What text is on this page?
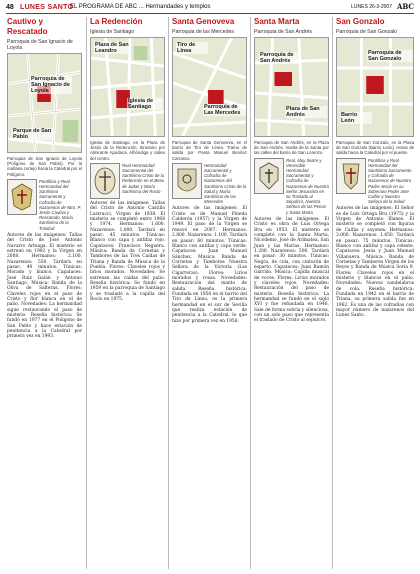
48 LUNES SANTO
EL PROGRAMA DE ABC ... Hermandades y templos	LUNES 26-3-2007 ABC
Cautivo y Rescatado
Parroquia de San Ignacio de Loyola
Parroquia de San Ignacio de Loyola
Parque de San Pablo
Parroquia de San Ignacio de Loyola (Polígono de San Pablo). Por la mañana cortejo hacia la Catedral por el Polígono.
Pontificia y Real Hermandad del Santísimo Sacramento y Cofradía de Nazarenos de Ntro. P. Jesús Cautivo y Rescatado, María Santísima de la Trinidad
Autores de las imágenes: Tallas del Cristo de José Antonio Navarro Arteaga. El misterio se estrenó en 1992 y la Virgen en 2008. Hermanos: 2.100. Nazarenos: 550. Tardará en pasar: 40 minutos. Túnicas: Morado y blanco. Capataces: José Ruiz Galán y Antonio Santiago. Música: Banda de la Oliva de Salteras. Flores: Claveles rojos en el paso de Cristo y flor blanca en el de palio. Novedades: La hermandad sigue restaurando el paso de misterio. Reseña histórica: Se fundó en 1977 en el Polígono de San Pablo y hace estación de penitencia a la Catedral por primera vez en 1993.
La Redención
Iglesia de Santiago
Iglesia de Santiago
Plaza de San Leandro
Iglesia de Santiago, en la Plaza de Jesús de la Redención. Itinerario por Almirante Apodaca, Alhóndiga y calles del centro.
Real Hermandad Sacramental del Santísimo Cristo de la Redención en el Beso de Judas y María Santísima del Rocío
Autores de las imágenes: Tallas del Cristo de Antonio Castillo Lastrucci, Virgen de 1938. El misterio se completó entre 1968 y 1974. Hermanos: 1.600. Nazarenos: 1.000. Tardará en pasar: 45 minutos. Túnicas: Blanco con capa y antifaz rojo. Capataces: Francisco Reguera. Música: Banda de Cornetas y Tambores de las Tres Caídas de Triana y Banda de Música de la Puebla. Flores: Claveles rojos y lirios morados. Novedades: Se estrenan las caídas del palio. Reseña histórica: Se fundó en 1959 en la parroquia de Santiago y se trasladó a la capilla del Rocío en 1975.
Santa Genoveva
Parroquia de las Mercedes
Parroquia de Las Mercedes
Tiro de Línea
Parroquia de Santa Genoveva, en el barrio de Tiro de Línea. Tramo de salida por Poeta Manuel Benítez Carrasco.
Hermandad Sacramental y Cofradía de Nazarenos del Santísimo Cristo de la Salud y María Santísima de las Mercedes
Autores de las imágenes: El Cristo es de Manuel Pineda Calderón (1957) y la Virgen de 1949. El paso de la Virgen se renovó en 2007. Hermanos: 2.800. Nazarenos: 1.100. Tardará en pasar: 60 minutos. Túnicas: Blanco con antifaz y capa verde. Capataces: Juan Manuel Sánchez. Música: Banda de Cornetas y Tambores Nuestra Señora de la Victoria (Las Cigarreras). Flores: Lirios morados y rosas. Novedades: Restauración del manto de salida. Reseña histórica: Fundada en 1956 en el barrio del Tiro de Línea, es la primera hermandad en el sur de Sevilla que realiza estación de penitencia a la Catedral, lo que hizo por primera vez en 1958.
Santa Marta
Parroquia de San Andrés
Parroquia de San Andrés
Plaza de San Andrés
Parroquia de San Andrés, en la Plaza de San Andrés. Vuelta de la Santa por las calles del barrio de San Lorenzo.
Real, Muy Ilustre y Venerable Hermandad Sacramental y Cofradía de Nazarenos de Nuestro Señor Jesucristo en su Traslado al Sepulcro, Nuestra Señora de las Penas y Santa Marta
Autores de las imágenes: El Cristo es obra de Luis Ortega Bru en 1953. El misterio se completó con la Santa Marta, Nicodemo, José de Arimatea, San Juan y las Marías. Hermanos: 1.200. Nazarenos: 500. Tardará en pasar: 30 minutos. Túnicas: Negra, de cola, con cinturón de esparto. Capataces: Juan Ramón Garrido. Música: Capilla musical de voces. Flores: Lirios morados y claveles rojos. Novedades: Restauración del paso de misterio. Reseña histórica: La hermandad se fundó en el siglo XVI y fue refundada en 1946. Sale de forma sobria y silenciosa, con un solo paso que representa el traslado de Cristo al sepulcro.
San Gonzalo
Parroquia de San Gonzalo
Parroquia de San Gonzalo
Barrio León
Parroquia de San Gonzalo, en la Plaza de San Gonzalo (Barrio León). Horas de salida hacia la Catedral por el puente.
Pontificia y Real Hermandad del Santísimo Sacramento y Cofradía de Nazarenos de Nuestro Padre Jesús en su Soberano Poder ante Caifás y Nuestra Señora de la Salud
Autores de las imágenes: El Señor es de Luis Ortega Bru (1975) y la Virgen de Antonio Illanes. El misterio se completó con figuras de Caifás y sayones. Hermanos: 3.000. Nazarenos: 1.650. Tardará en pasar: 75 minutos. Túnicas: Blanco con antifaz y capa celeste. Capataces: Jesús y Juan Manuel Villanueva. Música: Banda de Cornetas y Tambores Virgen de los Reyes y Banda de Música Soria 9. Flores: Claveles rojos en el misterio y blancos en el palio. Novedades: Nuevos candelabros de cola. Reseña histórica: Fundada en 1942 en el barrio de Triana, su primera salida fue en 1962. Es una de las cofradías con mayor número de nazarenos del Lunes Santo.
